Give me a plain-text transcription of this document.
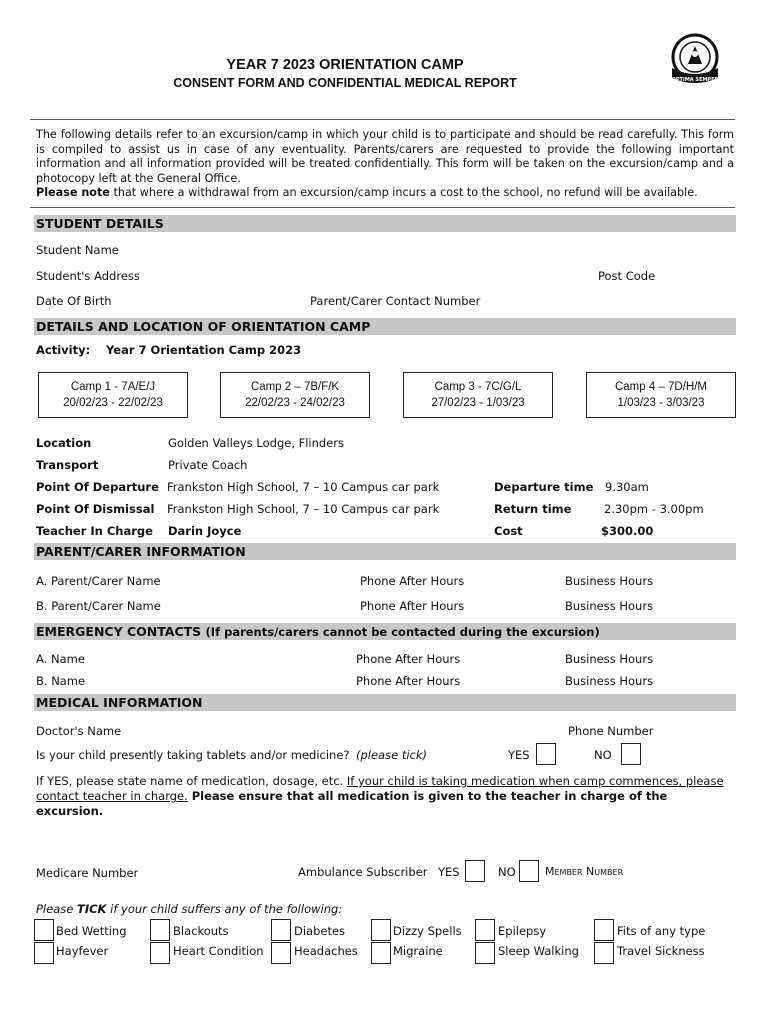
YEAR 7 2023 ORIENTATION CAMP
CONSENT FORM AND CONFIDENTIAL MEDICAL REPORT	OPTIMA SEMPER
The following details refer to an excursion/camp in which your child is to participate and should be read carefully. This form is compiled to assist us in case of any eventuality. Parents/carers are requested to provide the following important information and all information provided will be treated confidentially. This form will be taken on the excursion/camp and a photocopy left at the General Office.
Please note that where a withdrawal from an excursion/camp incurs a cost to the school, no refund will be available.
STUDENT DETAILS
Student Name
Student's Address	Post Code
Date Of Birth	Parent/Carer Contact Number
DETAILS AND LOCATION OF ORIENTATION CAMP
Activity: Year 7 Orientation Camp 2023
Camp 1 - 7A/E/J
20/02/23 - 22/02/23
Camp 2 – 7B/F/K
22/02/23 - 24/02/23
Camp 3 - 7C/G/L
27/02/23 - 1/03/23
Camp 4 – 7D/H/M
1/03/23 - 3/03/23
Location	Golden Valleys Lodge, Flinders
Transport	Private Coach
Point Of Departure Frankston High School, 7 – 10 Campus car park	Departure time 9.30am
Point Of Dismissal Frankston High School, 7 – 10 Campus car park	Return time	2.30pm - 3.00pm
Teacher In Charge Darin Joyce	Cost	$300.00
PARENT/CARER INFORMATION
A. Parent/Carer Name	Phone After Hours	Business Hours
B. Parent/Carer Name	Phone After Hours	Business Hours
EMERGENCY CONTACTS (If parents/carers cannot be contacted during the excursion)
A. Name	Phone After Hours	Business Hours
B. Name	Phone After Hours	Business Hours
MEDICAL INFORMATION
Doctor's Name	Phone Number
Is your child presently taking tablets and/or medicine? (please tick)	YES	NO
If YES, please state name of medication, dosage, etc. If your child is taking medication when camp commences, please
contact teacher in charge. Please ensure that all medication is given to the teacher in charge of the excursion.
Medicare Number	Ambulance Subscriber YES	NO	Member Number
Please TICK if your child suffers any of the following:
Bed Wetting	Blackouts	Diabetes	Dizzy Spells	Epilepsy	Fits of any type
Hayfever	Heart Condition	Headaches	Migraine	Sleep Walking	Travel Sickness
